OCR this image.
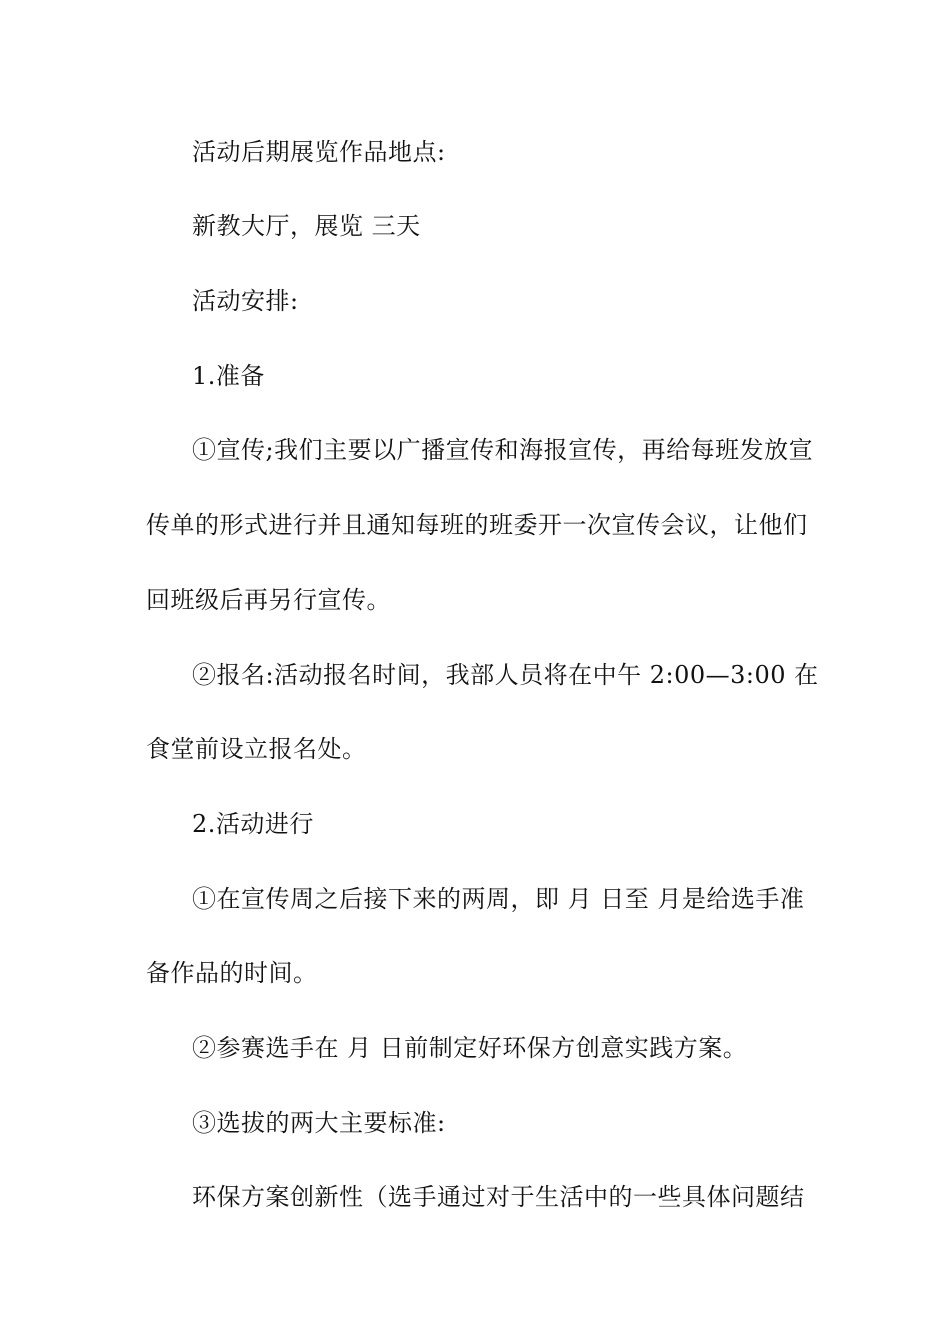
活动后期展览作品地点:
新教大厅，展览 三天
活动安排:
1.准备
①宣传;我们主要以广播宣传和海报宣传，再给每班发放宣
传单的形式进行并且通知每班的班委开一次宣传会议，让他们
回班级后再另行宣传。
②报名:活动报名时间，我部人员将在中午 2:00—3:00 在
食堂前设立报名处。
2.活动进行
①在宣传周之后接下来的两周，即 月 日至 月是给选手准
备作品的时间。
②参赛选手在 月 日前制定好环保方创意实践方案。
③选拔的两大主要标准:
环保方案创新性（选手通过对于生活中的一些具体问题结
